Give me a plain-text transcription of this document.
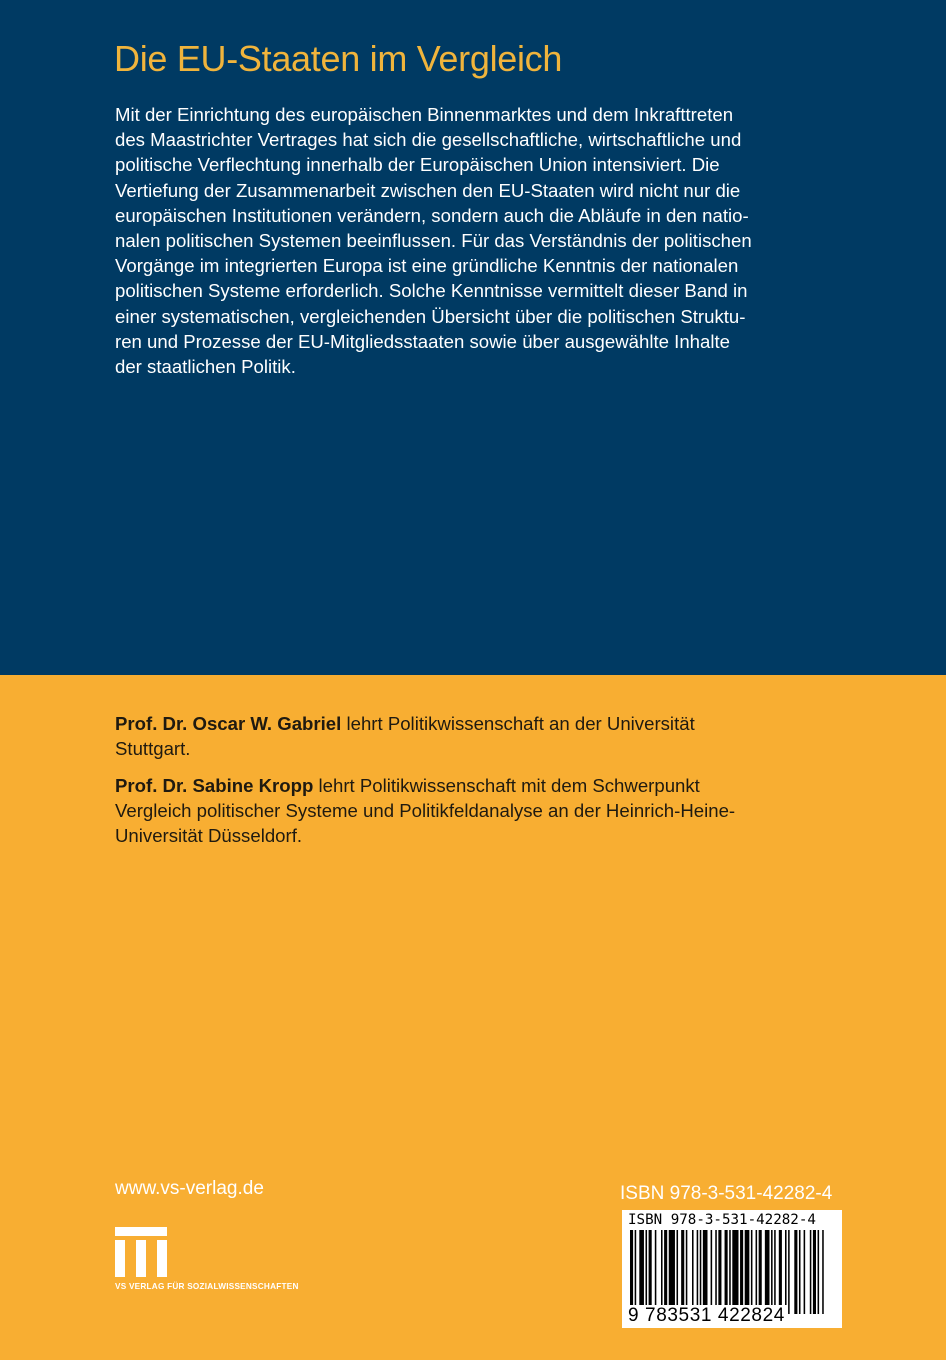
Die EU-Staaten im Vergleich
Mit der Einrichtung des europäischen Binnenmarktes und dem Inkrafttreten
des Maastrichter Vertrages hat sich die gesellschaftliche, wirtschaftliche und
politische Verflechtung innerhalb der Europäischen Union intensiviert. Die
Vertiefung der Zusammenarbeit zwischen den EU-Staaten wird nicht nur die
europäischen Institutionen verändern, sondern auch die Abläufe in den natio-
nalen politischen Systemen beeinflussen. Für das Verständnis der politischen
Vorgänge im integrierten Europa ist eine gründliche Kenntnis der nationalen
politischen Systeme erforderlich. Solche Kenntnisse vermittelt dieser Band in
einer systematischen, vergleichenden Übersicht über die politischen Struktu-
ren und Prozesse der EU-Mitgliedsstaaten sowie über ausgewählte Inhalte
der staatlichen Politik.
Prof. Dr. Oscar W. Gabriel lehrt Politikwissenschaft an der Universität
Stuttgart.
Prof. Dr. Sabine Kropp lehrt Politikwissenschaft mit dem Schwerpunkt
Vergleich politischer Systeme und Politikfeldanalyse an der Heinrich-Heine-
Universität Düsseldorf.
www.vs-verlag.de
VS VERLAG FÜR SOZIALWISSENSCHAFTEN
ISBN 978-3-531-42282-4
ISBN 978-3-531-42282-4
9 783531 422824
